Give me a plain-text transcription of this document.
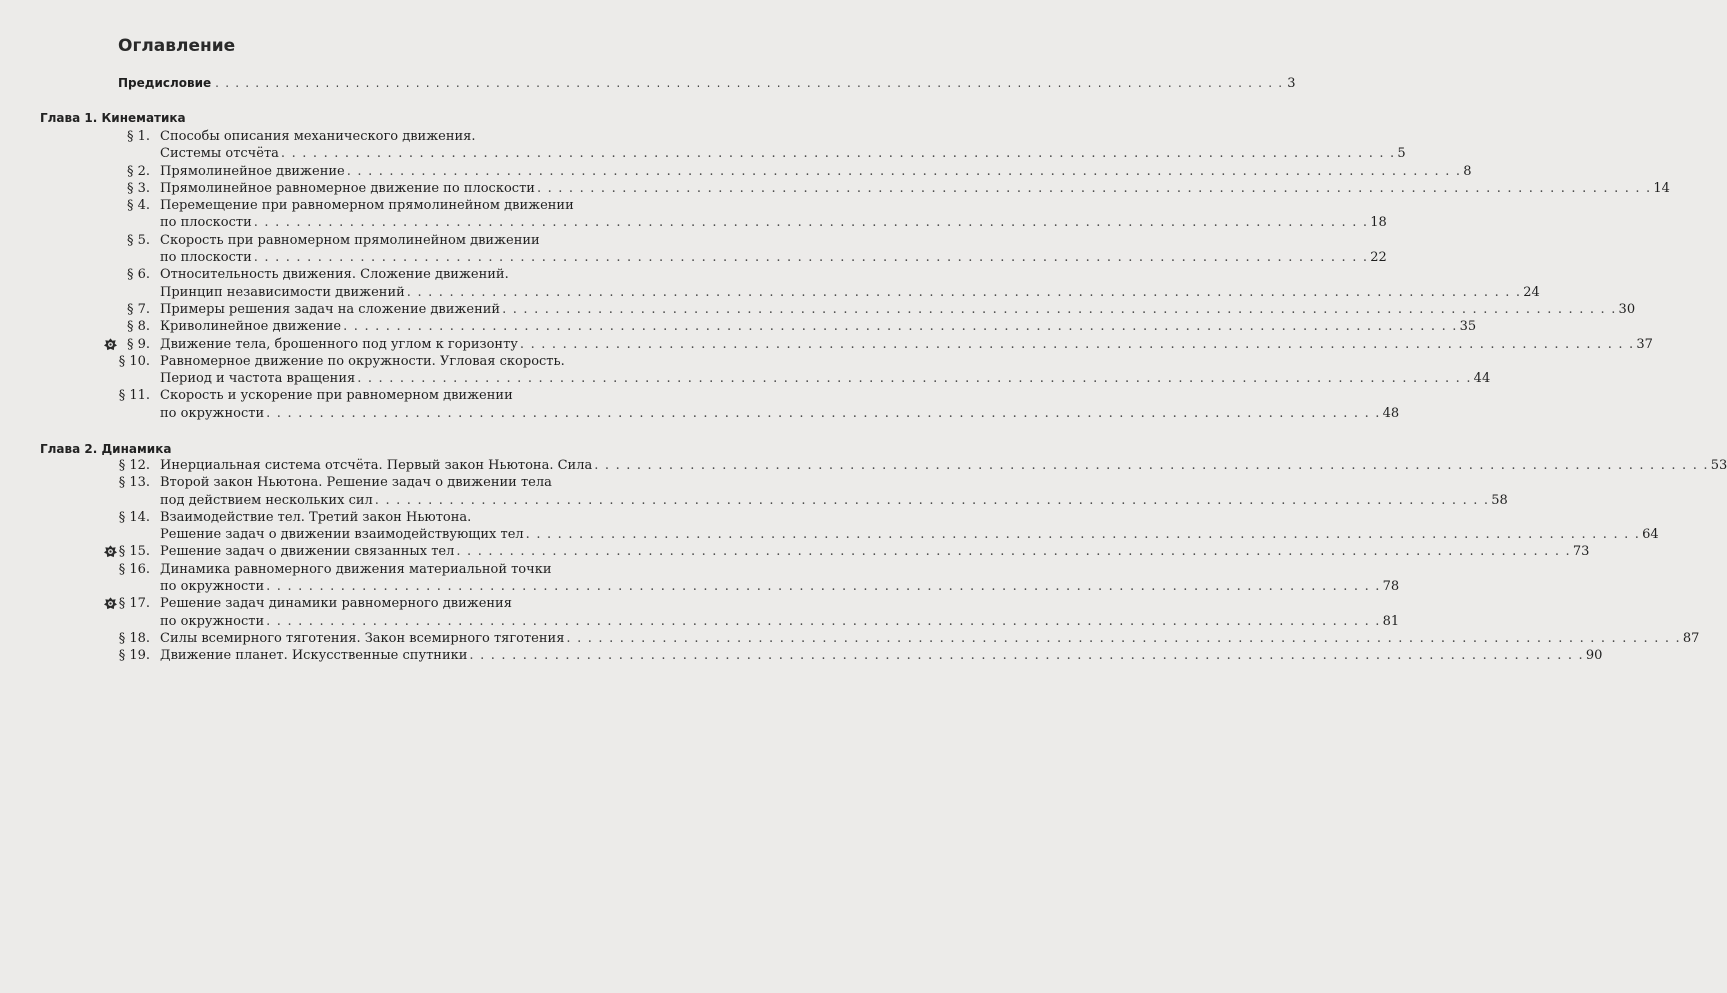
Оглавление
Предисловие . . . . . . . . . . . . . . . . . . . . . . . . . . . . . . . . . . . . . . . . . . . . . . . . . . . . . . . . . . . . . . . . . . . . . . . . . . . . . . . . . . . . . . . . . . . . . . . . . . . . . . . . . . . 3
Глава 1. Кинематика
§ 1. Способы описания механического движения.
Системы отсчёта . . . . . . . . . . . . . . . . . . . . . . . . . . . . . . . . . . . . . . . . . . . . . . . . . . . . . . . . . . . . . . . . . . . . . . . . . . . . . . . . . . . . . . . . . . . . . . . . . . . . . . . . . 5
§ 2. Прямолинейное движение . . . . . . . . . . . . . . . . . . . . . . . . . . . . . . . . . . . . . . . . . . . . . . . . . . . . . . . . . . . . . . . . . . . . . . . . . . . . . . . . . . . . . . . . . . . . . . . . . . . . . . . . . 8
§ 3. Прямолинейное равномерное движение по плоскости . . . . . . . . . . . . . . . . . . . . . . . . . . . . . . . . . . . . . . . . . . . . . . . . . . . . . . . . . . . . . . . . . . . . . . . . . . . . . . . . . . . . . . . . . . . . . . . . . . . . . . . . . 14
§ 4. Перемещение при равномерном прямолинейном движении
по плоскости . . . . . . . . . . . . . . . . . . . . . . . . . . . . . . . . . . . . . . . . . . . . . . . . . . . . . . . . . . . . . . . . . . . . . . . . . . . . . . . . . . . . . . . . . . . . . . . . . . . . . . . . . 18
§ 5. Скорость при равномерном прямолинейном движении
по плоскости . . . . . . . . . . . . . . . . . . . . . . . . . . . . . . . . . . . . . . . . . . . . . . . . . . . . . . . . . . . . . . . . . . . . . . . . . . . . . . . . . . . . . . . . . . . . . . . . . . . . . . . . . 22
§ 6. Относительность движения. Сложение движений.
Принцип независимости движений . . . . . . . . . . . . . . . . . . . . . . . . . . . . . . . . . . . . . . . . . . . . . . . . . . . . . . . . . . . . . . . . . . . . . . . . . . . . . . . . . . . . . . . . . . . . . . . . . . . . . . . . . 24
§ 7. Примеры решения задач на сложение движений . . . . . . . . . . . . . . . . . . . . . . . . . . . . . . . . . . . . . . . . . . . . . . . . . . . . . . . . . . . . . . . . . . . . . . . . . . . . . . . . . . . . . . . . . . . . . . . . . . . . . . . . . 30
§ 8. Криволинейное движение . . . . . . . . . . . . . . . . . . . . . . . . . . . . . . . . . . . . . . . . . . . . . . . . . . . . . . . . . . . . . . . . . . . . . . . . . . . . . . . . . . . . . . . . . . . . . . . . . . . . . . . . . 35
§ 9. Движение тела, брошенного под углом к горизонту . . . . . . . . . . . . . . . . . . . . . . . . . . . . . . . . . . . . . . . . . . . . . . . . . . . . . . . . . . . . . . . . . . . . . . . . . . . . . . . . . . . . . . . . . . . . . . . . . . . . . . . . . 37
§ 10. Равномерное движение по окружности. Угловая скорость.
Период и частота вращения . . . . . . . . . . . . . . . . . . . . . . . . . . . . . . . . . . . . . . . . . . . . . . . . . . . . . . . . . . . . . . . . . . . . . . . . . . . . . . . . . . . . . . . . . . . . . . . . . . . . . . . . . 44
§ 11. Скорость и ускорение при равномерном движении
по окружности . . . . . . . . . . . . . . . . . . . . . . . . . . . . . . . . . . . . . . . . . . . . . . . . . . . . . . . . . . . . . . . . . . . . . . . . . . . . . . . . . . . . . . . . . . . . . . . . . . . . . . . . . 48
Глава 2. Динамика
§ 12. Инерциальная система отсчёта. Первый закон Ньютона. Сила . . . . . . . . . . . . . . . . . . . . . . . . . . . . . . . . . . . . . . . . . . . . . . . . . . . . . . . . . . . . . . . . . . . . . . . . . . . . . . . . . . . . . . . . . . . . . . . . . . . . . . . . . 53
§ 13. Второй закон Ньютона. Решение задач о движении тела
под действием нескольких сил . . . . . . . . . . . . . . . . . . . . . . . . . . . . . . . . . . . . . . . . . . . . . . . . . . . . . . . . . . . . . . . . . . . . . . . . . . . . . . . . . . . . . . . . . . . . . . . . . . . . . . . . . 58
§ 14. Взаимодействие тел. Третий закон Ньютона.
Решение задач о движении взаимодействующих тел . . . . . . . . . . . . . . . . . . . . . . . . . . . . . . . . . . . . . . . . . . . . . . . . . . . . . . . . . . . . . . . . . . . . . . . . . . . . . . . . . . . . . . . . . . . . . . . . . . . . . . . . . 64
§ 15. Решение задач о движении связанных тел . . . . . . . . . . . . . . . . . . . . . . . . . . . . . . . . . . . . . . . . . . . . . . . . . . . . . . . . . . . . . . . . . . . . . . . . . . . . . . . . . . . . . . . . . . . . . . . . . . . . . . . . . 73
§ 16. Динамика равномерного движения материальной точки
по окружности . . . . . . . . . . . . . . . . . . . . . . . . . . . . . . . . . . . . . . . . . . . . . . . . . . . . . . . . . . . . . . . . . . . . . . . . . . . . . . . . . . . . . . . . . . . . . . . . . . . . . . . . . 78
§ 17. Решение задач динамики равномерного движения
по окружности . . . . . . . . . . . . . . . . . . . . . . . . . . . . . . . . . . . . . . . . . . . . . . . . . . . . . . . . . . . . . . . . . . . . . . . . . . . . . . . . . . . . . . . . . . . . . . . . . . . . . . . . . 81
§ 18. Силы всемирного тяготения. Закон всемирного тяготения . . . . . . . . . . . . . . . . . . . . . . . . . . . . . . . . . . . . . . . . . . . . . . . . . . . . . . . . . . . . . . . . . . . . . . . . . . . . . . . . . . . . . . . . . . . . . . . . . . . . . . . . . 87
§ 19. Движение планет. Искусственные спутники . . . . . . . . . . . . . . . . . . . . . . . . . . . . . . . . . . . . . . . . . . . . . . . . . . . . . . . . . . . . . . . . . . . . . . . . . . . . . . . . . . . . . . . . . . . . . . . . . . . . . . . . . 90
